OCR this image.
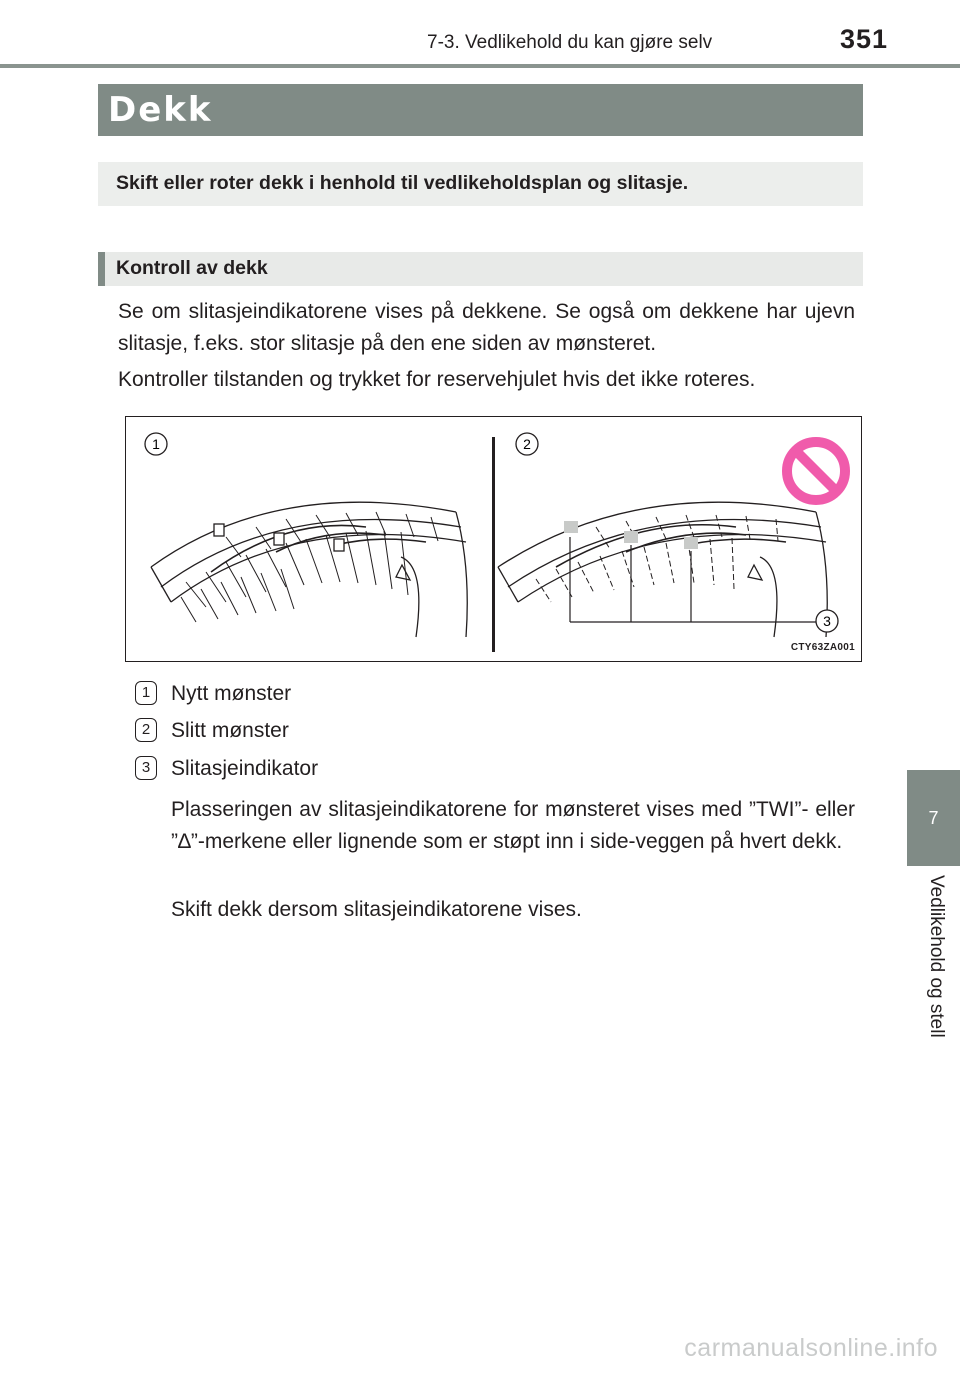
7-3. Vedlikehold du kan gjøre selv	351
Dekk
Skift eller roter dekk i henhold til vedlikeholdsplan og slitasje.
Kontroll av dekk
Se om slitasjeindikatorene vises på dekkene. Se også om dekkene har ujevn slitasje, f.eks. stor slitasje på den ene siden av mønsteret.
Kontroller tilstanden og trykket for reservehjulet hvis det ikke roteres.
1	2
3
CTY63ZA001
1 Nytt mønster
2 Slitt mønster
3 Slitasjeindikator
Plasseringen av slitasjeindikatorene for mønsteret vises med ”TWI”- eller ”∆”-merkene eller lignende som er støpt inn i side-veggen på hvert dekk.
Skift dekk dersom slitasjeindikatorene vises.
7
Vedlikehold og stell
carmanualsonline.info
